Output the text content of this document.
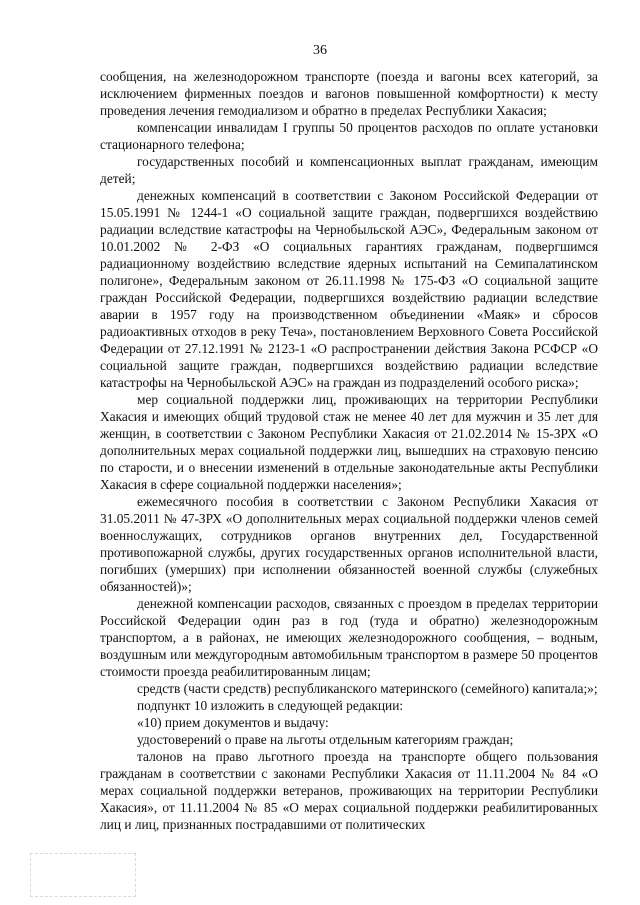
36

сообщения, на железнодорожном транспорте (поезда и вагоны всех категорий, за исключением фирменных поездов и вагонов повышенной комфортности) к месту проведения лечения гемодиализом и обратно в пределах Республики Хакасия;

компенсации инвалидам I группы 50 процентов расходов по оплате установки стационарного телефона;

государственных пособий и компенсационных выплат гражданам, имеющим детей;

денежных компенсаций в соответствии с Законом Российской Федерации от 15.05.1991 № 1244-1 «О социальной защите граждан, подвергшихся воздействию радиации вследствие катастрофы на Чернобыльской АЭС», Федеральным законом от 10.01.2002 № 2-ФЗ «О социальных гарантиях гражданам, подвергшимся радиационному воздействию вследствие ядерных испытаний на Семипалатинском полигоне», Федеральным законом от 26.11.1998 № 175-ФЗ «О социальной защите граждан Российской Федерации, подвергшихся воздействию радиации вследствие аварии в 1957 году на производственном объединении «Маяк» и сбросов радиоактивных отходов в реку Теча», постановлением Верховного Совета Российской Федерации от 27.12.1991 № 2123-1 «О распространении действия Закона РСФСР «О социальной защите граждан, подвергшихся воздействию радиации вследствие катастрофы на Чернобыльской АЭС» на граждан из подразделений особого риска»;

мер социальной поддержки лиц, проживающих на территории Республики Хакасия и имеющих общий трудовой стаж не менее 40 лет для мужчин и 35 лет для женщин, в соответствии с Законом Республики Хакасия от 21.02.2014 № 15-ЗРХ «О дополнительных мерах социальной поддержки лиц, вышедших на страховую пенсию по старости, и о внесении изменений в отдельные законодательные акты Республики Хакасия в сфере социальной поддержки населения»;

ежемесячного пособия в соответствии с Законом Республики Хакасия от 31.05.2011 № 47-ЗРХ «О дополнительных мерах социальной поддержки членов семей военнослужащих, сотрудников органов внутренних дел, Государственной противопожарной службы, других государственных органов исполнительной власти, погибших (умерших) при исполнении обязанностей военной службы (служебных обязанностей)»;

денежной компенсации расходов, связанных с проездом в пределах территории Российской Федерации один раз в год (туда и обратно) железнодорожным транспортом, а в районах, не имеющих железнодорожного сообщения, – водным, воздушным или междугородным автомобильным транспортом в размере 50 процентов стоимости проезда реабилитированным лицам;

средств (части средств) республиканского материнского (семейного) капитала;»;

подпункт 10 изложить в следующей редакции:

«10) прием документов и выдачу:

удостоверений о праве на льготы отдельным категориям граждан;

талонов на право льготного проезда на транспорте общего пользования гражданам в соответствии с законами Республики Хакасия от 11.11.2004 № 84 «О мерах социальной поддержки ветеранов, проживающих на территории Республики Хакасия», от 11.11.2004 № 85 «О мерах социальной поддержки реабилитированных лиц и лиц, признанных пострадавшими от политических
